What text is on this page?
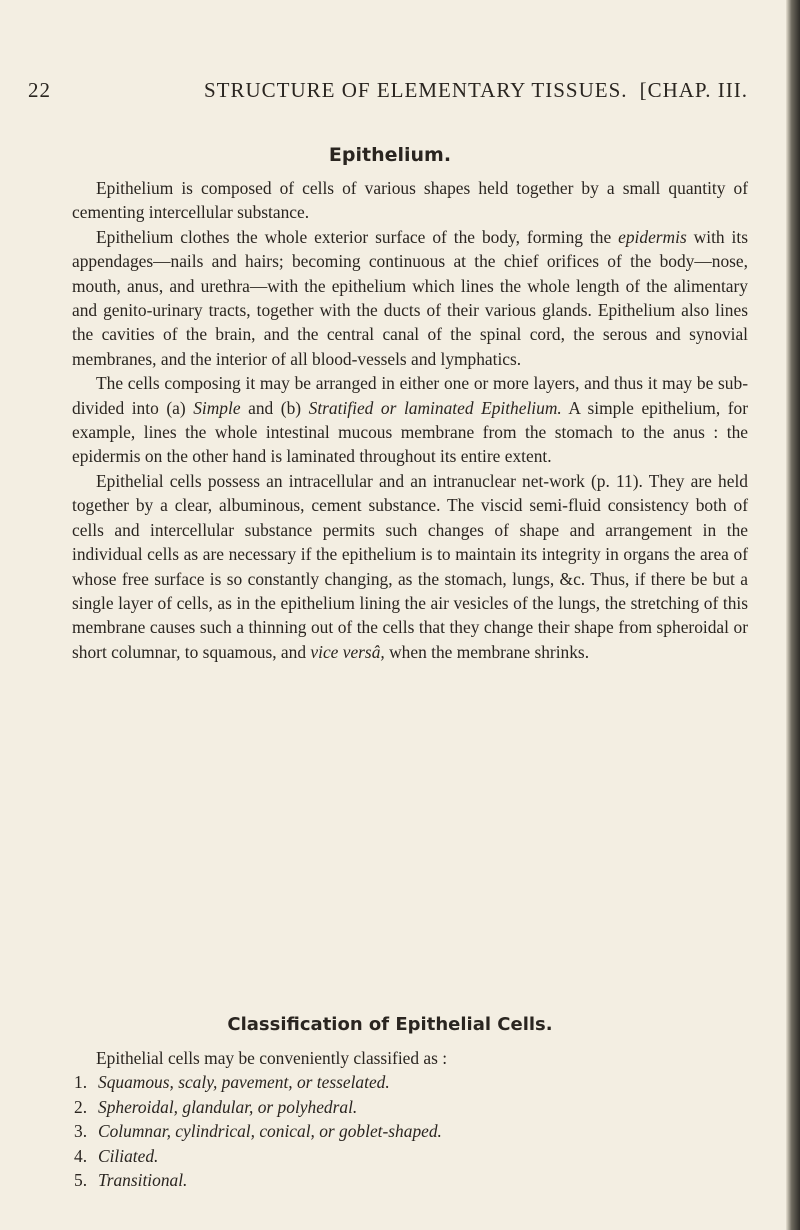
22	STRUCTURE OF ELEMENTARY TISSUES. [CHAP. III.
Epithelium.

Epithelium is composed of cells of various shapes held together by a small quantity of cementing intercellular substance.

Epithelium clothes the whole exterior surface of the body, forming the epidermis with its appendages—nails and hairs; becoming continuous at the chief orifices of the body—nose, mouth, anus, and urethra—with the epithelium which lines the whole length of the alimentary and genito-urinary tracts, together with the ducts of their various glands. Epithelium also lines the cavities of the brain, and the central canal of the spinal cord, the serous and synovial membranes, and the interior of all blood-vessels and lymphatics.

The cells composing it may be arranged in either one or more layers, and thus it may be sub-divided into (a) Simple and (b) Stratified or laminated Epithelium. A simple epithelium, for example, lines the whole intestinal mucous membrane from the stomach to the anus : the epidermis on the other hand is laminated throughout its entire extent.

Epithelial cells possess an intracellular and an intranuclear net-work (p. 11). They are held together by a clear, albuminous, cement substance. The viscid semi-fluid consistency both of cells and intercellular substance permits such changes of shape and arrangement in the individual cells as are necessary if the epithelium is to maintain its integrity in organs the area of whose free surface is so constantly changing, as the stomach, lungs, &c. Thus, if there be but a single layer of cells, as in the epithelium lining the air vesicles of the lungs, the stretching of this membrane causes such a thinning out of the cells that they change their shape from spheroidal or short columnar, to squamous, and vice versâ, when the membrane shrinks.

Classification of Epithelial Cells.

Epithelial cells may be conveniently classified as :

1. Squamous, scaly, pavement, or tesselated.
2. Spheroidal, glandular, or polyhedral.
3. Columnar, cylindrical, conical, or goblet-shaped.
4. Ciliated.
5. Transitional.
